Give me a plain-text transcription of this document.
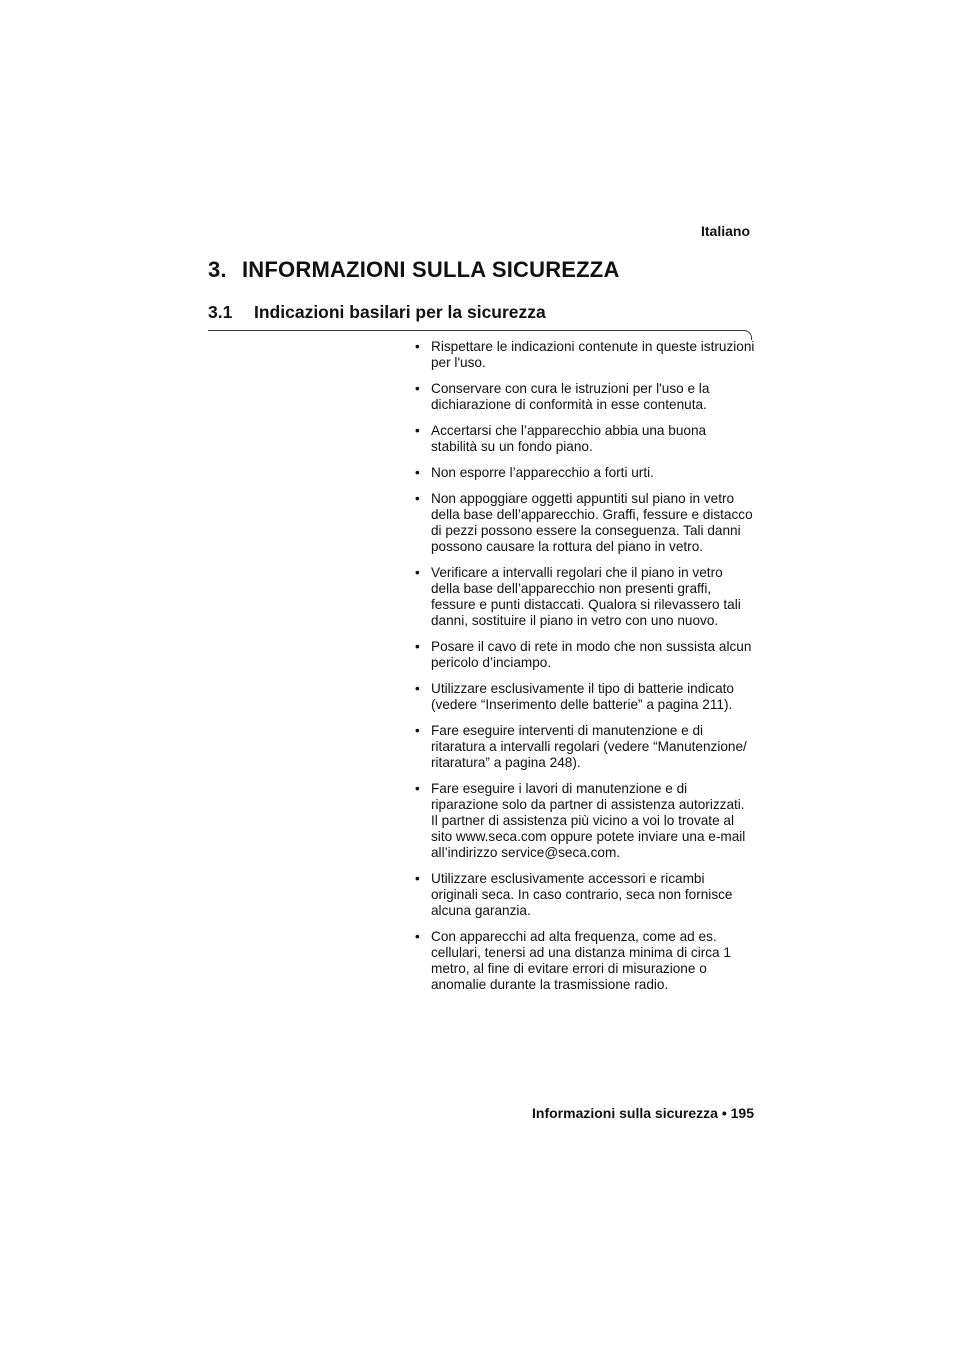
Italiano
3. INFORMAZIONI SULLA SICUREZZA
3.1 Indicazioni basilari per la sicurezza
• Rispettare le indicazioni contenute in queste istruzioni per l'uso.
• Conservare con cura le istruzioni per l'uso e la dichiarazione di conformità in esse contenuta.
• Accertarsi che l’apparecchio abbia una buona stabilità su un fondo piano.
• Non esporre l’apparecchio a forti urti.
• Non appoggiare oggetti appuntiti sul piano in vetro della base dell’apparecchio. Graffi, fessure e distacco di pezzi possono essere la conseguenza. Tali danni possono causare la rottura del piano in vetro.
• Verificare a intervalli regolari che il piano in vetro della base dell’apparecchio non presenti graffi, fessure e punti distaccati. Qualora si rilevassero tali danni, sostituire il piano in vetro con uno nuovo.
• Posare il cavo di rete in modo che non sussista alcun pericolo d’inciampo.
• Utilizzare esclusivamente il tipo di batterie indicato (vedere “Inserimento delle batterie” a pagina 211).
• Fare eseguire interventi di manutenzione e di ritaratura a intervalli regolari (vedere “Manutenzione/ ritaratura” a pagina 248).
• Fare eseguire i lavori di manutenzione e di riparazione solo da partner di assistenza autorizzati. Il partner di assistenza più vicino a voi lo trovate al sito www.seca.com oppure potete inviare una e-mail all’indirizzo service@seca.com.
• Utilizzare esclusivamente accessori e ricambi originali seca. In caso contrario, seca non fornisce alcuna garanzia.
• Con apparecchi ad alta frequenza, come ad es. cellulari, tenersi ad una distanza minima di circa 1 metro, al fine di evitare errori di misurazione o anomalie durante la trasmissione radio.
Informazioni sulla sicurezza • 195
